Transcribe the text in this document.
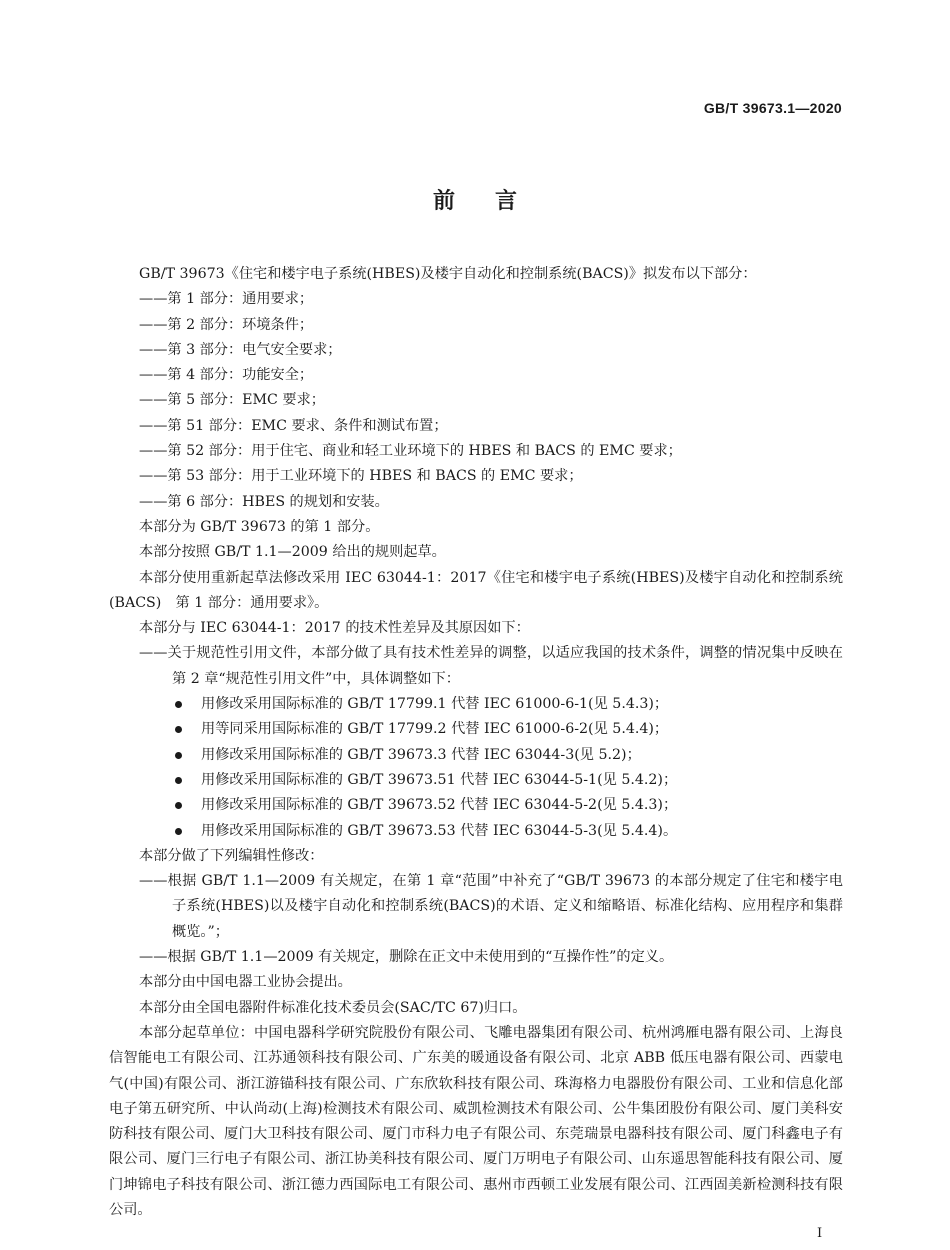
GB/T 39673.1—2020
前言

GB/T 39673《住宅和楼宇电子系统(HBES)及楼宇自动化和控制系统(BACS)》拟发布以下部分：

——第 1 部分：通用要求；
——第 2 部分：环境条件；
——第 3 部分：电气安全要求；
——第 4 部分：功能安全；
——第 5 部分：EMC 要求；
——第 51 部分：EMC 要求、条件和测试布置；
——第 52 部分：用于住宅、商业和轻工业环境下的 HBES 和 BACS 的 EMC 要求；
——第 53 部分：用于工业环境下的 HBES 和 BACS 的 EMC 要求；
——第 6 部分：HBES 的规划和安装。

本部分为 GB/T 39673 的第 1 部分。

本部分按照 GB/T 1.1—2009 给出的规则起草。

本部分使用重新起草法修改采用 IEC 63044-1：2017《住宅和楼宇电子系统(HBES)及楼宇自动化和控制系统(BACS)　第 1 部分：通用要求》。

本部分与 IEC 63044-1：2017 的技术性差异及其原因如下：

——关于规范性引用文件，本部分做了具有技术性差异的调整，以适应我国的技术条件，调整的情况集中反映在第 2 章“规范性引用文件”中，具体调整如下：
用修改采用国际标准的 GB/T 17799.1 代替 IEC 61000-6-1(见 5.4.3)；
用等同采用国际标准的 GB/T 17799.2 代替 IEC 61000-6-2(见 5.4.4)；
用修改采用国际标准的 GB/T 39673.3 代替 IEC 63044-3(见 5.2)；
用修改采用国际标准的 GB/T 39673.51 代替 IEC 63044-5-1(见 5.4.2)；
用修改采用国际标准的 GB/T 39673.52 代替 IEC 63044-5-2(见 5.4.3)；
用修改采用国际标准的 GB/T 39673.53 代替 IEC 63044-5-3(见 5.4.4)。

本部分做了下列编辑性修改：

——根据 GB/T 1.1—2009 有关规定，在第 1 章“范围”中补充了“GB/T 39673 的本部分规定了住宅和楼宇电子系统(HBES)以及楼宇自动化和控制系统(BACS)的术语、定义和缩略语、标准化结构、应用程序和集群概览。”；
——根据 GB/T 1.1—2009 有关规定，删除在正文中未使用到的“互操作性”的定义。

本部分由中国电器工业协会提出。

本部分由全国电器附件标准化技术委员会(SAC/TC 67)归口。

本部分起草单位：中国电器科学研究院股份有限公司、飞雕电器集团有限公司、杭州鸿雁电器有限公司、上海良信智能电工有限公司、江苏通领科技有限公司、广东美的暖通设备有限公司、北京 ABB 低压电器有限公司、西蒙电气(中国)有限公司、浙江游锚科技有限公司、广东欣软科技有限公司、珠海格力电器股份有限公司、工业和信息化部电子第五研究所、中认尚动(上海)检测技术有限公司、威凯检测技术有限公司、公牛集团股份有限公司、厦门美科安防科技有限公司、厦门大卫科技有限公司、厦门市科力电子有限公司、东莞瑞景电器科技有限公司、厦门科鑫电子有限公司、厦门三行电子有限公司、浙江协美科技有限公司、厦门万明电子有限公司、山东遥思智能科技有限公司、厦门坤锦电子科技有限公司、浙江德力西国际电工有限公司、惠州市西顿工业发展有限公司、江西固美新检测科技有限公司。

I
